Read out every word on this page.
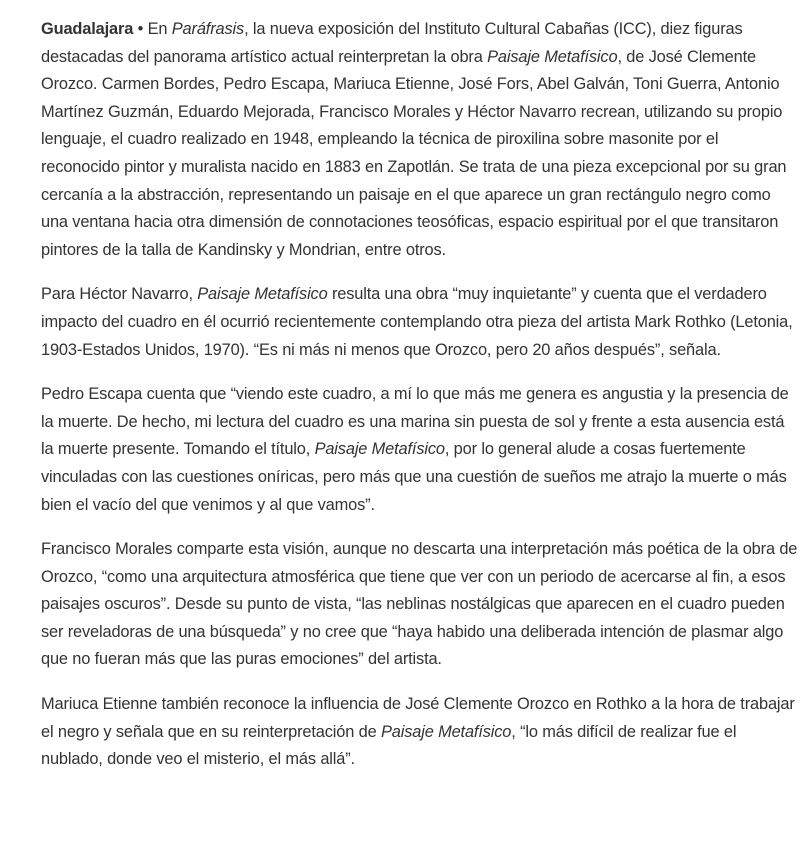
Guadalajara • En Paráfrasis, la nueva exposición del Instituto Cultural Cabañas (ICC), diez figuras destacadas del panorama artístico actual reinterpretan la obra Paisaje Metafísico, de José Clemente Orozco. Carmen Bordes, Pedro Escapa, Mariuca Etienne, José Fors, Abel Galván, Toni Guerra, Antonio Martínez Guzmán, Eduardo Mejorada, Francisco Morales y Héctor Navarro recrean, utilizando su propio lenguaje, el cuadro realizado en 1948, empleando la técnica de piroxilina sobre masonite por el reconocido pintor y muralista nacido en 1883 en Zapotlán. Se trata de una pieza excepcional por su gran cercanía a la abstracción, representando un paisaje en el que aparece un gran rectángulo negro como una ventana hacia otra dimensión de connotaciones teosóficas, espacio espiritual por el que transitaron pintores de la talla de Kandinsky y Mondrian, entre otros.

Para Héctor Navarro, Paisaje Metafísico resulta una obra “muy inquietante” y cuenta que el verdadero impacto del cuadro en él ocurrió recientemente contemplando otra pieza del artista Mark Rothko (Letonia, 1903-Estados Unidos, 1970). “Es ni más ni menos que Orozco, pero 20 años después”, señala.

Pedro Escapa cuenta que “viendo este cuadro, a mí lo que más me genera es angustia y la presencia de la muerte. De hecho, mi lectura del cuadro es una marina sin puesta de sol y frente a esta ausencia está la muerte presente. Tomando el título, Paisaje Metafísico, por lo general alude a cosas fuertemente vinculadas con las cuestiones oníricas, pero más que una cuestión de sueños me atrajo la muerte o más bien el vacío del que venimos y al que vamos”.

Francisco Morales comparte esta visión, aunque no descarta una interpretación más poética de la obra de Orozco, “como una arquitectura atmosférica que tiene que ver con un periodo de acercarse al fin, a esos paisajes oscuros”. Desde su punto de vista, “las neblinas nostálgicas que aparecen en el cuadro pueden ser reveladoras de una búsqueda” y no cree que “haya habido una deliberada intención de plasmar algo que no fueran más que las puras emociones” del artista.

Mariuca Etienne también reconoce la influencia de José Clemente Orozco en Rothko a la hora de trabajar el negro y señala que en su reinterpretación de Paisaje Metafísico, “lo más difícil de realizar fue el nublado, donde veo el misterio, el más allá”.
